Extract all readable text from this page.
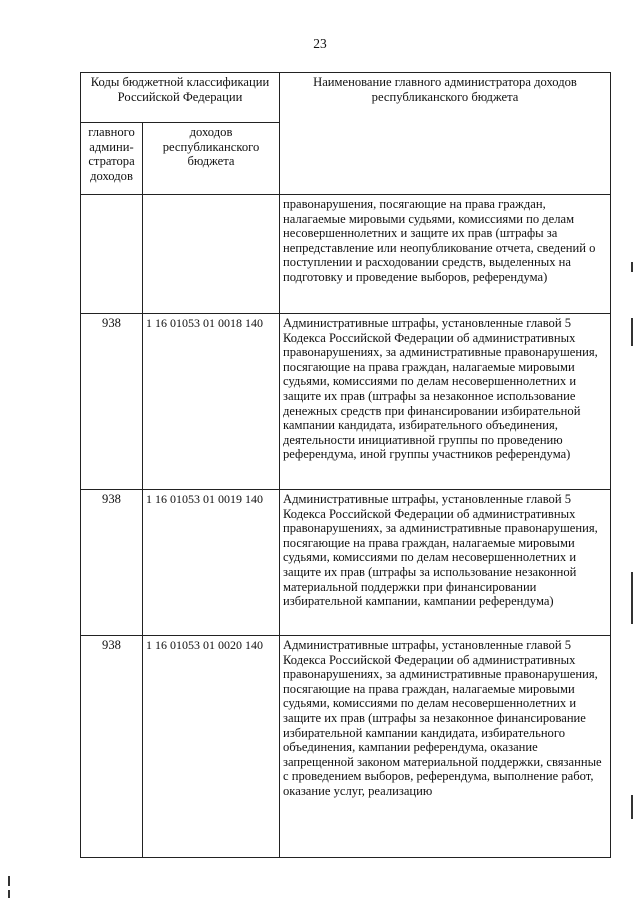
23
Коды бюджетной классификации Российской Федерации		Наименование главного администратора доходов республиканского бюджета
главного админи-стратора доходов	доходов республиканского бюджета	
		правонарушения, посягающие на права граждан, налагаемые мировыми судьями, комиссиями по делам несовершеннолетних и защите их прав (штрафы за непредставление или неопубликование отчета, сведений о поступлении и расходовании средств, выделенных на подготовку и проведение выборов, референдума)
938	1 16 01053 01 0018 140	Административные штрафы, установленные главой 5 Кодекса Российской Федерации об административных правонарушениях, за административные правонарушения, посягающие на права граждан, налагаемые мировыми судьями, комиссиями по делам несовершеннолетних и защите их прав (штрафы за незаконное использование денежных средств при финансировании избирательной кампании кандидата, избирательного объединения, деятельности инициативной группы по проведению референдума, иной группы участников референдума)
938	1 16 01053 01 0019 140	Административные штрафы, установленные главой 5 Кодекса Российской Федерации об административных правонарушениях, за административные правонарушения, посягающие на права граждан, налагаемые мировыми судьями, комиссиями по делам несовершеннолетних и защите их прав (штрафы за использование незаконной материальной поддержки при финансировании избирательной кампании, кампании референдума)
938	1 16 01053 01 0020 140	Административные штрафы, установленные главой 5 Кодекса Российской Федерации об административных правонарушениях, за административные правонарушения, посягающие на права граждан, налагаемые мировыми судьями, комиссиями по делам несовершеннолетних и защите их прав (штрафы за незаконное финансирование избирательной кампании кандидата, избирательного объединения, кампании референдума, оказание запрещенной законом материальной поддержки, связанные с проведением выборов, референдума, выполнение работ, оказание услуг, реализацию
